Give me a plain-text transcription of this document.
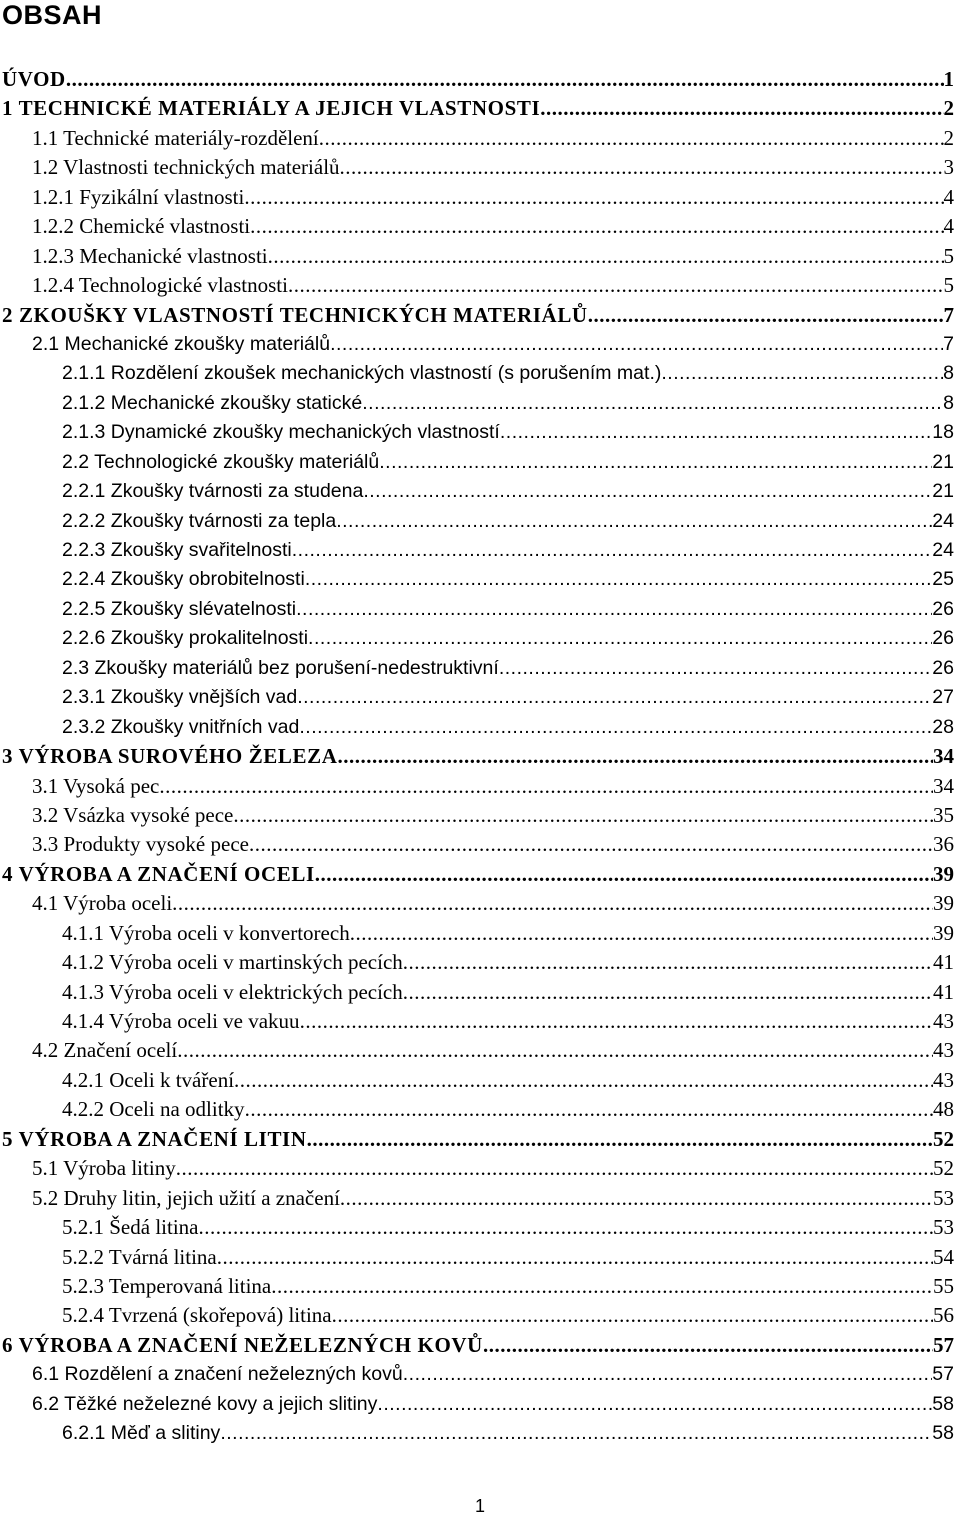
OBSAH
ÚVOD .....	1
1 TECHNICKÉ MATERIÁLY A JEJICH VLASTNOSTI .....	2
1.1 Technické materiály-rozdělení .....	2
1.2 Vlastnosti technických materiálů .....	3
1.2.1 Fyzikální vlastnosti .....	4
1.2.2 Chemické vlastnosti .....	4
1.2.3 Mechanické vlastnosti .....	5
1.2.4 Technologické vlastnosti .....	5
2 ZKOUŠKY VLASTNOSTÍ TECHNICKÝCH MATERIÁLŮ .....	7
2.1 Mechanické zkoušky materiálů .....	7
2.1.1 Rozdělení zkoušek mechanických vlastností (s porušením mat.) .....	8
2.1.2 Mechanické zkoušky statické .....	8
2.1.3 Dynamické zkoušky mechanických vlastností .....	18
2.2 Technologické zkoušky materiálů .....	21
2.2.1 Zkoušky tvárnosti za studena .....	21
2.2.2 Zkoušky tvárnosti za tepla .....	24
2.2.3 Zkoušky svařitelnosti .....	24
2.2.4 Zkoušky obrobitelnosti .....	25
2.2.5 Zkoušky slévatelnosti .....	26
2.2.6 Zkoušky prokalitelnosti .....	26
2.3 Zkoušky materiálů bez porušení-nedestruktivní .....	26
2.3.1 Zkoušky vnějších vad .....	27
2.3.2 Zkoušky vnitřních vad .....	28
3 VÝROBA SUROVÉHO ŽELEZA .....	34
3.1 Vysoká pec .....	34
3.2 Vsázka vysoké pece .....	35
3.3 Produkty vysoké pece .....	36
4 VÝROBA A ZNAČENÍ OCELI .....	39
4.1 Výroba oceli .....	39
4.1.1 Výroba oceli v konvertorech .....	39
4.1.2 Výroba oceli v martinských pecích .....	41
4.1.3 Výroba oceli v elektrických pecích .....	41
4.1.4 Výroba oceli ve vakuu .....	43
4.2 Značení ocelí .....	43
4.2.1 Oceli k tváření .....	43
4.2.2 Oceli na odlitky .....	48
5 VÝROBA A ZNAČENÍ LITIN .....	52
5.1 Výroba litiny .....	52
5.2 Druhy litin, jejich užití a značení .....	53
5.2.1 Šedá litina .....	53
5.2.2 Tvárná litina .....	54
5.2.3 Temperovaná litina .....	55
5.2.4 Tvrzená (skořepová) litina .....	56
6 VÝROBA A ZNAČENÍ NEŽELEZNÝCH KOVŮ .....	57
6.1 Rozdělení a značení neželezných kovů .....	57
6.2 Těžké neželezné kovy a jejich slitiny .....	58
6.2.1 Měď a slitiny .....	58
1
